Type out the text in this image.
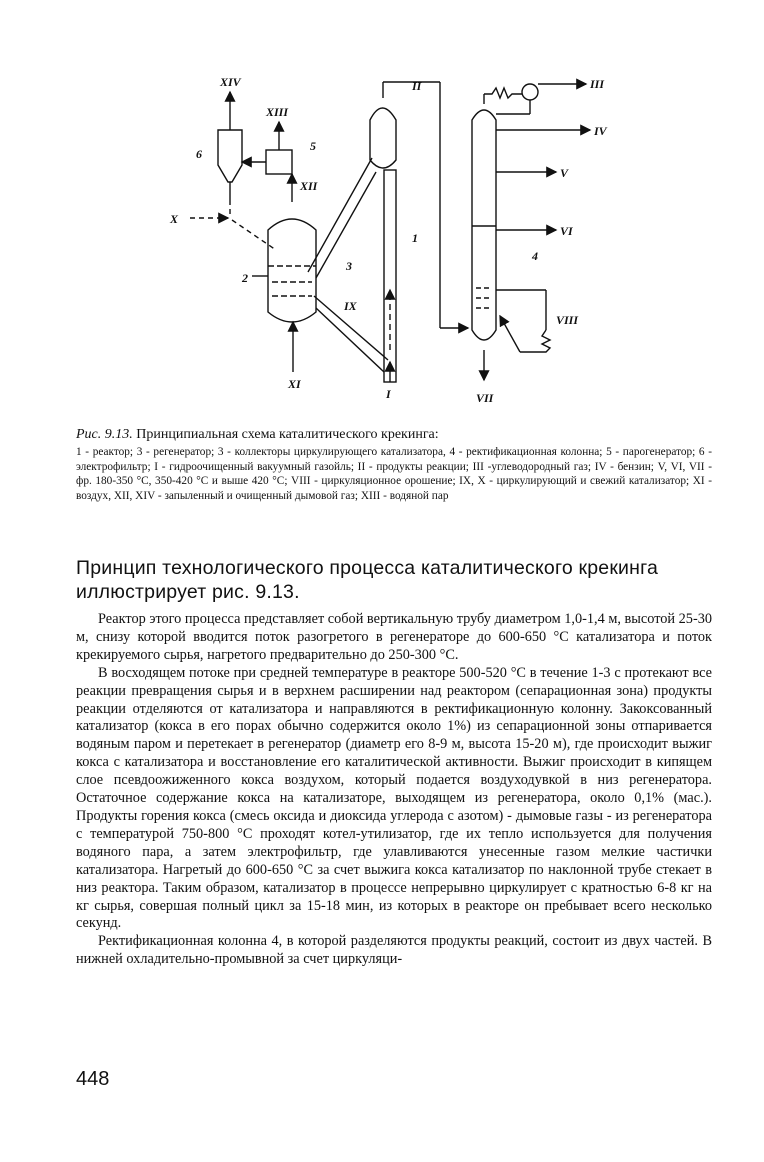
XIV
XIII
6
5
XII
X
2
3
1
IX
XI
I
II	III
IV
V
VI
4
VIII
VII

Рис. 9.13. Принципиальная схема каталитического крекинга:

1 - реактор; 3 - регенератор; 3 - коллекторы циркулирующего катализатора, 4 - ректификационная колонна; 5 - парогенератор; 6 - электрофильтр; I - гидроочищенный вакуумный газойль; II - продукты реакции; III -углеводородный газ; IV - бензин; V, VI, VII - фр. 180-350 °С, 350-420 °С и выше 420 °С; VIII - циркуляционное орошение; IX, X - циркулирующий и свежий катализатор; XI - воздух, XII, XIV - запыленный и очищенный дымовой газ; XIII - водяной пар

Принцип технологического процесса каталитического крекинга иллюстрирует рис. 9.13.

Реактор этого процесса представляет собой вертикальную трубу диаметром 1,0-1,4 м, высотой 25-30 м, снизу которой вводится поток разогретого в регенераторе до 600-650 °С катализатора и поток крекируемого сырья, нагретого предварительно до 250-300 °С.

В восходящем потоке при средней температуре в реакторе 500-520 °С в течение 1-3 с протекают все реакции превращения сырья и в верхнем расширении над реактором (сепарационная зона) продукты реакции отделяются от катализатора и направляются в ректификационную колонну. Закоксованный катализатор (кокса в его порах обычно содержится около 1%) из сепарационной зоны отпаривается водяным паром и перетекает в регенератор (диаметр его 8-9 м, высота 15-20 м), где происходит выжиг кокса с катализатора и восстановление его каталитической активности. Выжиг происходит в кипящем слое псевдоожиженного кокса воздухом, который подается воздуходувкой в низ регенератора. Остаточное содержание кокса на катализаторе, выходящем из регенератора, около 0,1% (мас.). Продукты горения кокса (смесь оксида и диоксида углерода с азотом) - дымовые газы - из регенератора с температурой 750-800 °С проходят котел-утилизатор, где их тепло используется для получения водяного пара, а затем электрофильтр, где улавливаются унесенные газом мелкие частички катализатора. Нагретый до 600-650 °С за счет выжига кокса катализатор по наклонной трубе стекает в низ реактора. Таким образом, катализатор в процессе непрерывно циркулирует с кратностью 6-8 кг на кг сырья, совершая полный цикл за 15-18 мин, из которых в реакторе он пребывает всего несколько секунд.

Ректификационная колонна 4, в которой разделяются продукты реакций, состоит из двух частей. В нижней охладительно-промывной за счет циркуляци-

448
